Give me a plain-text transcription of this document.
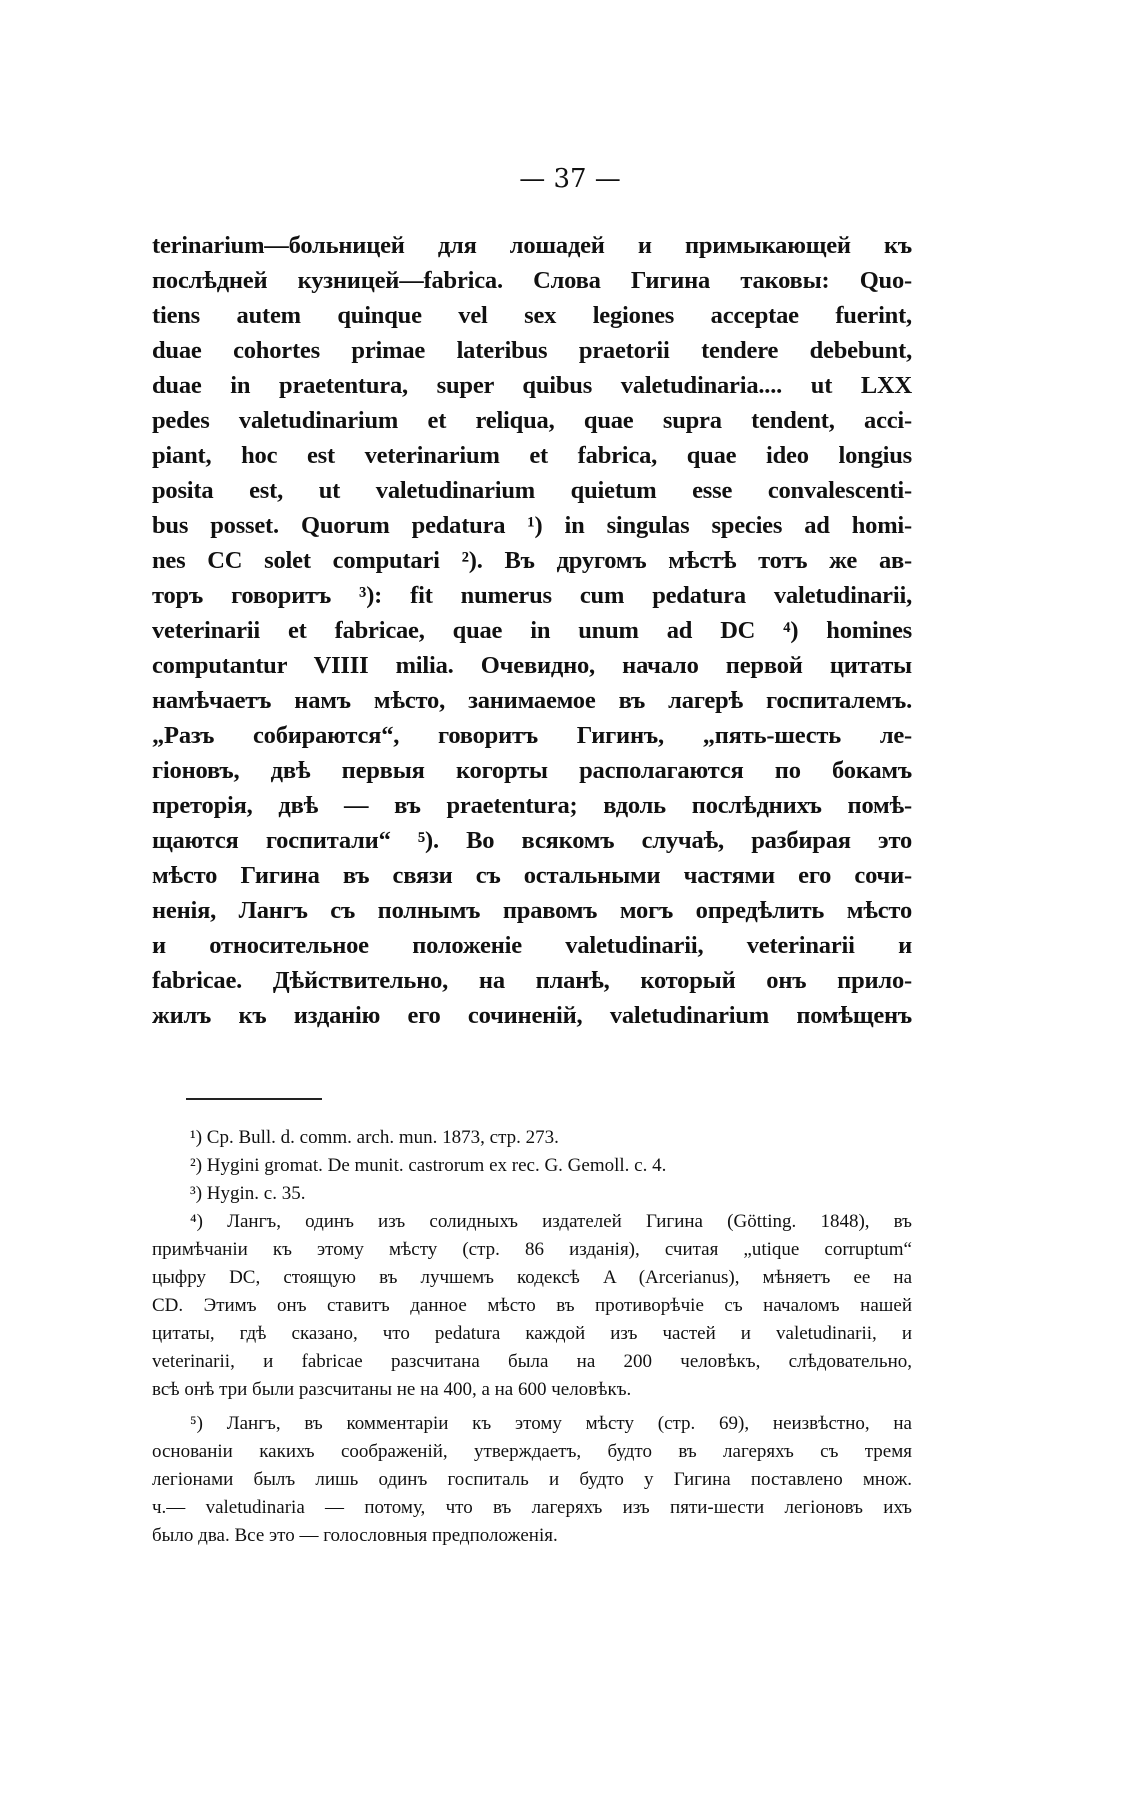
— 37 —
terinarium—больницей для лошадей и примыкающей къ
послѣдней кузницей—fabrica. Слова Гигина таковы: Quo-
tiens autem quinque vel sex legiones acceptae fuerint,
duae cohortes primae lateribus praetorii tendere debebunt,
duae in praetentura, super quibus valetudinaria.... ut LXX
pedes valetudinarium et reliqua, quae supra tendent, acci-
piant, hoc est veterinarium et fabrica, quae ideo longius
posita est, ut valetudinarium quietum esse convalescenti-
bus posset. Quorum pedatura ¹) in singulas species ad homi-
nes CC solet computari ²). Въ другомъ мѣстѣ тотъ же ав-
торъ говоритъ ³): fit numerus cum pedatura valetudinarii,
veterinarii et fabricae, quae in unum ad DC ⁴) homines
computantur VIIII milia. Очевидно, начало первой цитаты
намѣчаетъ намъ мѣсто, занимаемое въ лагерѣ госпиталемъ.
„Разъ собираются“, говоритъ Гигинъ, „пять-шесть ле-
гіоновъ, двѣ первыя когорты располагаются по бокамъ
преторія, двѣ — въ praetentura; вдоль послѣднихъ помѣ-
щаются госпитали“ ⁵). Во всякомъ случаѣ, разбирая это
мѣсто Гигина въ связи съ остальными частями его сочи-
ненія, Лангъ съ полнымъ правомъ могъ опредѣлить мѣсто
и относительное положеніе valetudinarii, veterinarii и
fabricae. Дѣйствительно, на планѣ, который онъ прило-
жилъ къ изданію его сочиненій, valetudinarium помѣщенъ
¹) Ср. Bull. d. comm. arch. mun. 1873, стр. 273.
²) Hygini gromat. De munit. castrorum ex rec. G. Gemoll. c. 4.
³) Hygin. c. 35.
⁴) Лангъ, одинъ изъ солидныхъ издателей Гигина (Götting. 1848), въ
примѣчаніи къ этому мѣсту (стр. 86 изданія), считая „utique corruptum“
цыфру DC, стоящую въ лучшемъ кодексѣ A (Arcerianus), мѣняетъ ее на
CD. Этимъ онъ ставитъ данное мѣсто въ противорѣчіе съ началомъ нашей
цитаты, гдѣ сказано, что pedatura каждой изъ частей и valetudinarii, и
veterinarii, и fabricae разсчитана была на 200 человѣкъ, слѣдовательно,
всѣ онѣ три были разсчитаны не на 400, а на 600 человѣкъ.
⁵) Лангъ, въ комментаріи къ этому мѣсту (стр. 69), неизвѣстно, на
основаніи какихъ соображеній, утверждаетъ, будто въ лагеряхъ съ тремя
легіонами былъ лишь одинъ госпиталь и будто у Гигина поставлено множ.
ч.— valetudinaria — потому, что въ лагеряхъ изъ пяти-шести легіоновъ ихъ
было два. Все это — голословныя предположенія.
